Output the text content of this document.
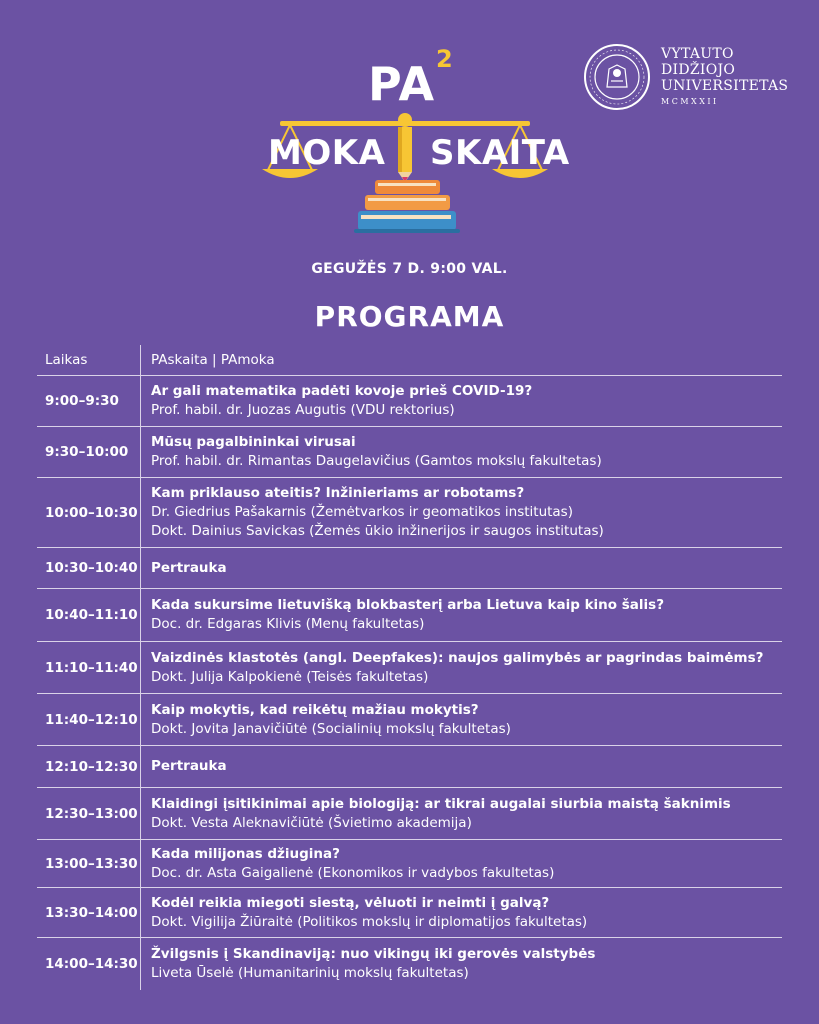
PA 2
MOKA SKAITA
VYTAUTO
DIDŽIOJO
UNIVERSITETAS
MCMXXII
GEGUŽĖS 7 D. 9:00 VAL.
PROGRAMA
Laikas	PAskaita | PAmoka
9:00–9:30
Ar gali matematika padėti kovoje prieš COVID-19?
Prof. habil. dr. Juozas Augutis (VDU rektorius)
9:30–10:00
Mūsų pagalbininkai virusai
Prof. habil. dr. Rimantas Daugelavičius (Gamtos mokslų fakultetas)
10:00–10:30
Kam priklauso ateitis? Inžinieriams ar robotams?
Dr. Giedrius Pašakarnis (Žemėtvarkos ir geomatikos institutas)
Dokt. Dainius Savickas (Žemės ūkio inžinerijos ir saugos institutas)
10:30–10:40 Pertrauka
10:40–11:10
Kada sukursime lietuvišką blokbasterį arba Lietuva kaip kino šalis?
Doc. dr. Edgaras Klivis (Menų fakultetas)
11:10–11:40
Vaizdinės klastotės (angl. Deepfakes): naujos galimybės ar pagrindas baimėms?
Dokt. Julija Kalpokienė (Teisės fakultetas)
11:40–12:10
Kaip mokytis, kad reikėtų mažiau mokytis?
Dokt. Jovita Janavičiūtė (Socialinių mokslų fakultetas)
12:10–12:30 Pertrauka
12:30–13:00
Klaidingi įsitikinimai apie biologiją: ar tikrai augalai siurbia maistą šaknimis
Dokt. Vesta Aleknavičiūtė (Švietimo akademija)
13:00–13:30
Kada milijonas džiugina?
Doc. dr. Asta Gaigalienė (Ekonomikos ir vadybos fakultetas)
13:30–14:00
Kodėl reikia miegoti siestą, vėluoti ir neimti į galvą?
Dokt. Vigilija Žiūraitė (Politikos mokslų ir diplomatijos fakultetas)
14:00–14:30
Žvilgsnis į Skandinaviją: nuo vikingų iki gerovės valstybės
Liveta Ūselė (Humanitarinių mokslų fakultetas)
